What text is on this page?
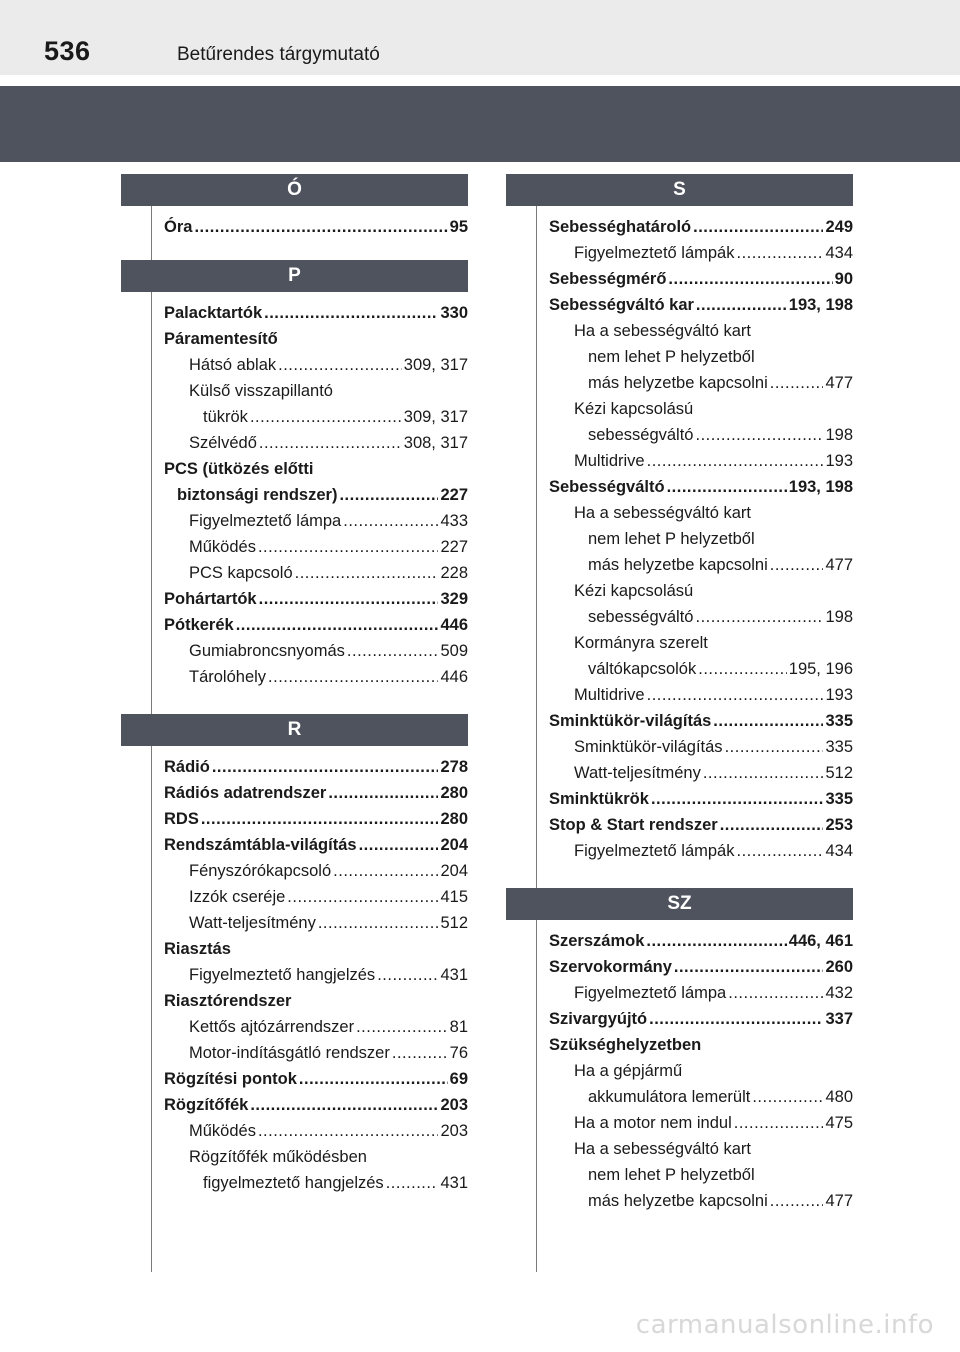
536	Betűrendes tárgymutató
Ó
Óra .....	95
P
Palacktartók .....	330
Páramentesítő
Hátsó ablak .....	309, 317
Külső visszapillantó
tükrök .....	309, 317
Szélvédő .....	308, 317
PCS (ütközés előtti
biztonsági rendszer) .....	227
Figyelmeztető lámpa .....	433
Működés .....	227
PCS kapcsoló .....	228
Pohártartók .....	329
Pótkerék .....	446
Gumiabroncsnyomás .....	509
Tárolóhely .....	446
R
Rádió .....	278
Rádiós adatrendszer .....	280
RDS .....	280
Rendszámtábla-világítás .....	204
Fényszórókapcsoló .....	204
Izzók cseréje .....	415
Watt-teljesítmény .....	512
Riasztás
Figyelmeztető hangjelzés .....	431
Riasztórendszer
Kettős ajtózárrendszer .....	81
Motor-indításgátló rendszer .....	76
Rögzítési pontok .....	69
Rögzítőfék .....	203
Működés .....	203
Rögzítőfék működésben
figyelmeztető hangjelzés .....	431
S
Sebességhatároló .....	249
Figyelmeztető lámpák .....	434
Sebességmérő .....	90
Sebességváltó kar .....	193, 198
Ha a sebességváltó kart
nem lehet P helyzetből
más helyzetbe kapcsolni .....	477
Kézi kapcsolású
sebességváltó .....	198
Multidrive .....	193
Sebességváltó .....	193, 198
Ha a sebességváltó kart
nem lehet P helyzetből
más helyzetbe kapcsolni .....	477
Kézi kapcsolású
sebességváltó .....	198
Kormányra szerelt
váltókapcsolók .....	195, 196
Multidrive .....	193
Sminktükör-világítás .....	335
Sminktükör-világítás .....	335
Watt-teljesítmény .....	512
Sminktükrök .....	335
Stop & Start rendszer .....	253
Figyelmeztető lámpák .....	434
SZ
Szerszámok .....	446, 461
Szervokormány .....	260
Figyelmeztető lámpa .....	432
Szivargyújtó .....	337
Szükséghelyzetben
Ha a gépjármű
akkumulátora lemerült .....	480
Ha a motor nem indul .....	475
Ha a sebességváltó kart
nem lehet P helyzetből
más helyzetbe kapcsolni .....	477
carmanualsonline.info
